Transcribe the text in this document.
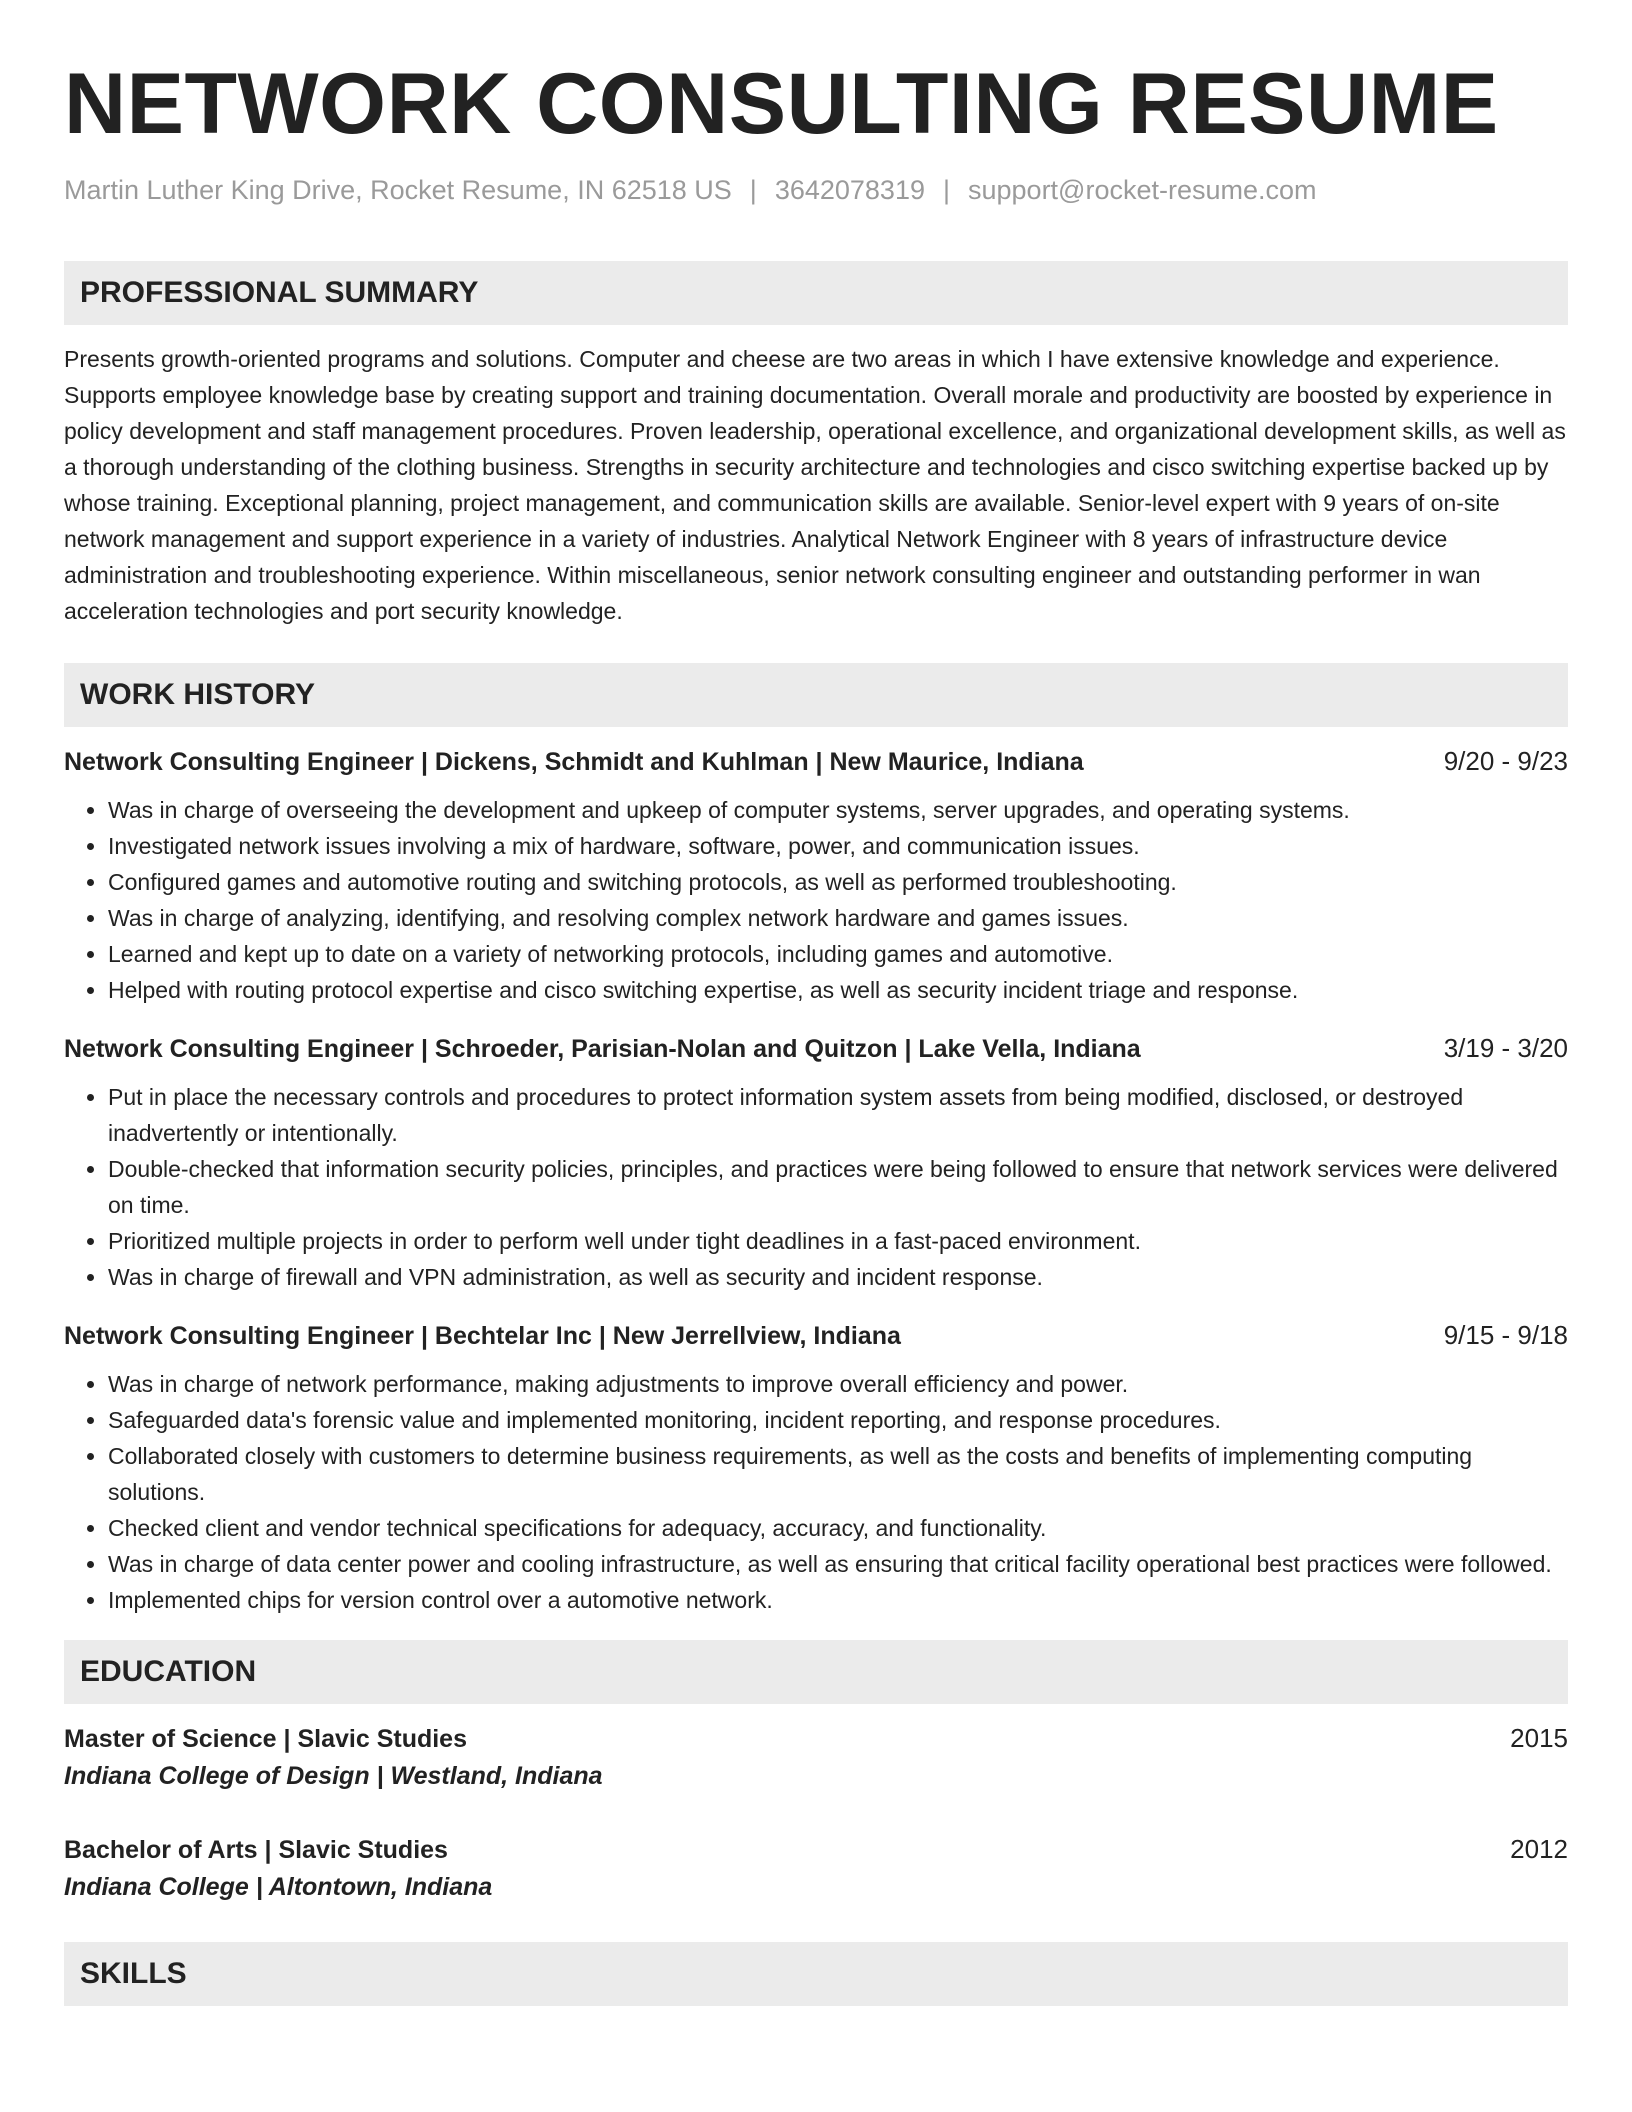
NETWORK CONSULTING RESUME
Martin Luther King Drive, Rocket Resume, IN 62518 US | 3642078319 | support@rocket-resume.com
PROFESSIONAL SUMMARY

Presents growth-oriented programs and solutions. Computer and cheese are two areas in which I have extensive knowledge and experience. Supports employee knowledge base by creating support and training documentation. Overall morale and productivity are boosted by experience in policy development and staff management procedures. Proven leadership, operational excellence, and organizational development skills, as well as a thorough understanding of the clothing business. Strengths in security architecture and technologies and cisco switching expertise backed up by whose training. Exceptional planning, project management, and communication skills are available. Senior-level expert with 9 years of on-site network management and support experience in a variety of industries. Analytical Network Engineer with 8 years of infrastructure device administration and troubleshooting experience. Within miscellaneous, senior network consulting engineer and outstanding performer in wan acceleration technologies and port security knowledge.

WORK HISTORY
Network Consulting Engineer | Dickens, Schmidt and Kuhlman | New Maurice, Indiana	9/20 - 9/23
• Was in charge of overseeing the development and upkeep of computer systems, server upgrades, and operating systems.
• Investigated network issues involving a mix of hardware, software, power, and communication issues.
• Configured games and automotive routing and switching protocols, as well as performed troubleshooting.
• Was in charge of analyzing, identifying, and resolving complex network hardware and games issues.
• Learned and kept up to date on a variety of networking protocols, including games and automotive.
• Helped with routing protocol expertise and cisco switching expertise, as well as security incident triage and response.
Network Consulting Engineer | Schroeder, Parisian-Nolan and Quitzon | Lake Vella, Indiana	3/19 - 3/20
• Put in place the necessary controls and procedures to protect information system assets from being modified, disclosed, or destroyed inadvertently or intentionally.
• Double-checked that information security policies, principles, and practices were being followed to ensure that network services were delivered on time.
• Prioritized multiple projects in order to perform well under tight deadlines in a fast-paced environment.
• Was in charge of firewall and VPN administration, as well as security and incident response.
Network Consulting Engineer | Bechtelar Inc | New Jerrellview, Indiana	9/15 - 9/18
• Was in charge of network performance, making adjustments to improve overall efficiency and power.
• Safeguarded data's forensic value and implemented monitoring, incident reporting, and response procedures.
• Collaborated closely with customers to determine business requirements, as well as the costs and benefits of implementing computing solutions.
• Checked client and vendor technical specifications for adequacy, accuracy, and functionality.
• Was in charge of data center power and cooling infrastructure, as well as ensuring that critical facility operational best practices were followed.
• Implemented chips for version control over a automotive network.
EDUCATION
Master of Science | Slavic Studies	2015
Indiana College of Design | Westland, Indiana
Bachelor of Arts | Slavic Studies	2012
Indiana College | Altontown, Indiana
SKILLS
